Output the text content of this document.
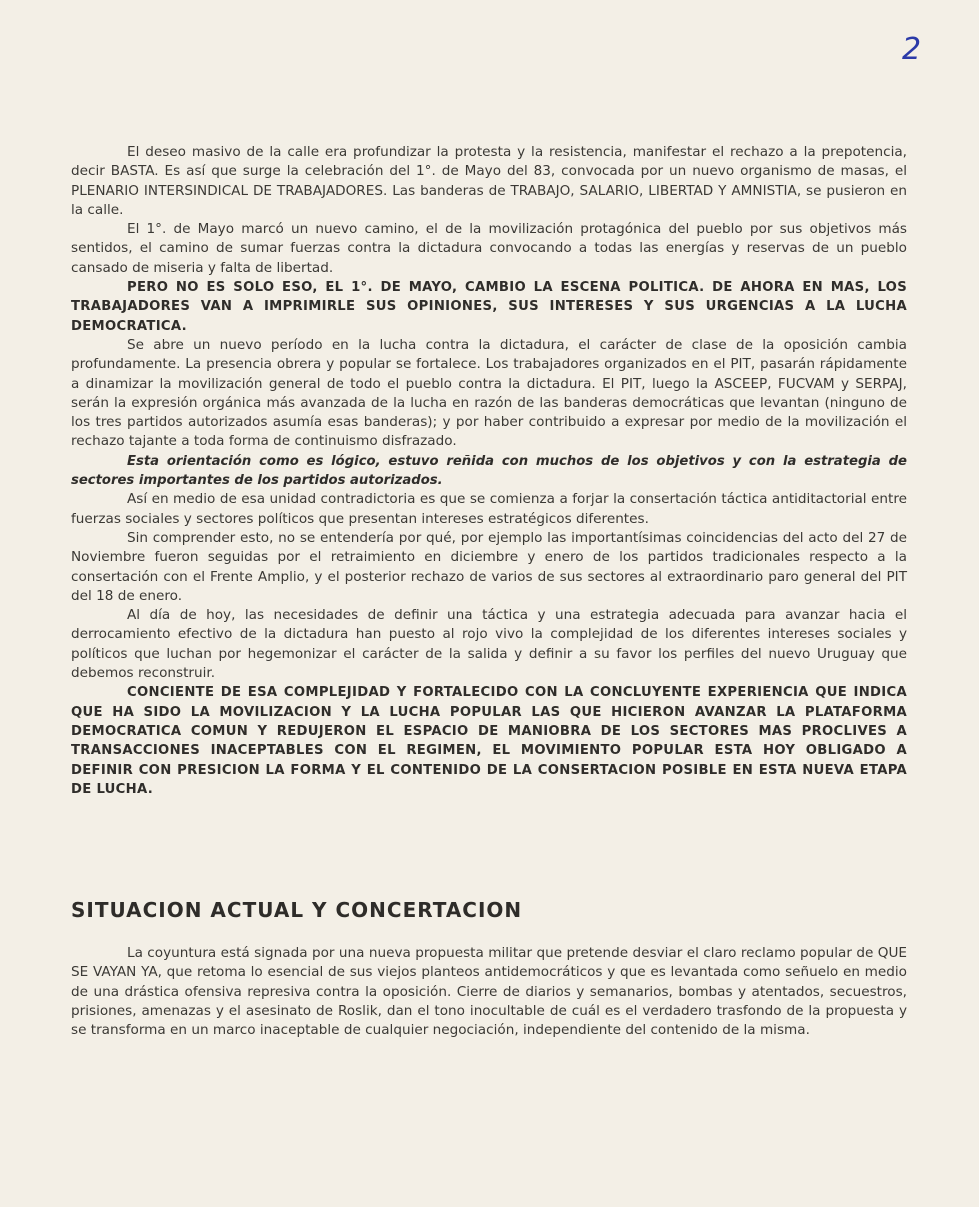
2

El deseo masivo de la calle era profundizar la protesta y la resistencia, manifestar el rechazo a la prepotencia, decir BASTA. Es así que surge la celebración del 1°. de Mayo del 83, convocada por un nuevo organismo de masas, el PLENARIO INTERSINDICAL DE TRABAJADORES. Las banderas de TRABAJO, SALARIO, LIBERTAD Y AMNISTIA, se pusieron en la calle.

El 1°. de Mayo marcó un nuevo camino, el de la movilización protagónica del pueblo por sus objetivos más sentidos, el camino de sumar fuerzas contra la dictadura convocando a todas las energías y reservas de un pueblo cansado de miseria y falta de libertad.

PERO NO ES SOLO ESO, EL 1°. DE MAYO, CAMBIO LA ESCENA POLITICA. DE AHORA EN MAS, LOS TRABAJADORES VAN A IMPRIMIRLE SUS OPINIONES, SUS INTERESES Y SUS URGENCIAS A LA LUCHA DEMOCRATICA.

Se abre un nuevo período en la lucha contra la dictadura, el carácter de clase de la oposición cambia profundamente. La presencia obrera y popular se fortalece. Los trabajadores organizados en el PIT, pasarán rápidamente a dinamizar la movilización general de todo el pueblo contra la dictadura. El PIT, luego la ASCEEP, FUCVAM y SERPAJ, serán la expresión orgánica más avanzada de la lucha en razón de las banderas democráticas que levantan (ninguno de los tres partidos autorizados asumía esas banderas); y por haber contribuido a expresar por medio de la movilización el rechazo tajante a toda forma de continuismo disfrazado.

Esta orientación como es lógico, estuvo reñida con muchos de los objetivos y con la estrategia de sectores importantes de los partidos autorizados.

Así en medio de esa unidad contradictoria es que se comienza a forjar la consertación táctica antiditactorial entre fuerzas sociales y sectores políticos que presentan intereses estratégicos diferentes.

Sin comprender esto, no se entendería por qué, por ejemplo las importantísimas coincidencias del acto del 27 de Noviembre fueron seguidas por el retraimiento en diciembre y enero de los partidos tradicionales respecto a la consertación con el Frente Amplio, y el posterior rechazo de varios de sus sectores al extraordinario paro general del PIT del 18 de enero.

Al día de hoy, las necesidades de definir una táctica y una estrategia adecuada para avanzar hacia el derrocamiento efectivo de la dictadura han puesto al rojo vivo la complejidad de los diferentes intereses sociales y políticos que luchan por hegemonizar el carácter de la salida y definir a su favor los perfiles del nuevo Uruguay que debemos reconstruir.

CONCIENTE DE ESA COMPLEJIDAD Y FORTALECIDO CON LA CONCLUYENTE EXPERIENCIA QUE INDICA QUE HA SIDO LA MOVILIZACION Y LA LUCHA POPULAR LAS QUE HICIERON AVANZAR LA PLATAFORMA DEMOCRATICA COMUN Y REDUJERON EL ESPACIO DE MANIOBRA DE LOS SECTORES MAS PROCLIVES A TRANSACCIONES INACEPTABLES CON EL REGIMEN, EL MOVIMIENTO POPULAR ESTA HOY OBLIGADO A DEFINIR CON PRESICION LA FORMA Y EL CONTENIDO DE LA CONSERTACION POSIBLE EN ESTA NUEVA ETAPA DE LUCHA.

SITUACION ACTUAL Y CONCERTACION

La coyuntura está signada por una nueva propuesta militar que pretende desviar el claro reclamo popular de QUE SE VAYAN YA, que retoma lo esencial de sus viejos planteos antidemocráticos y que es levantada como señuelo en medio de una drástica ofensiva represiva contra la oposición. Cierre de diarios y semanarios, bombas y atentados, secuestros, prisiones, amenazas y el asesinato de Roslik, dan el tono inocultable de cuál es el verdadero trasfondo de la propuesta y se transforma en un marco inaceptable de cualquier negociación, independiente del contenido de la misma.
